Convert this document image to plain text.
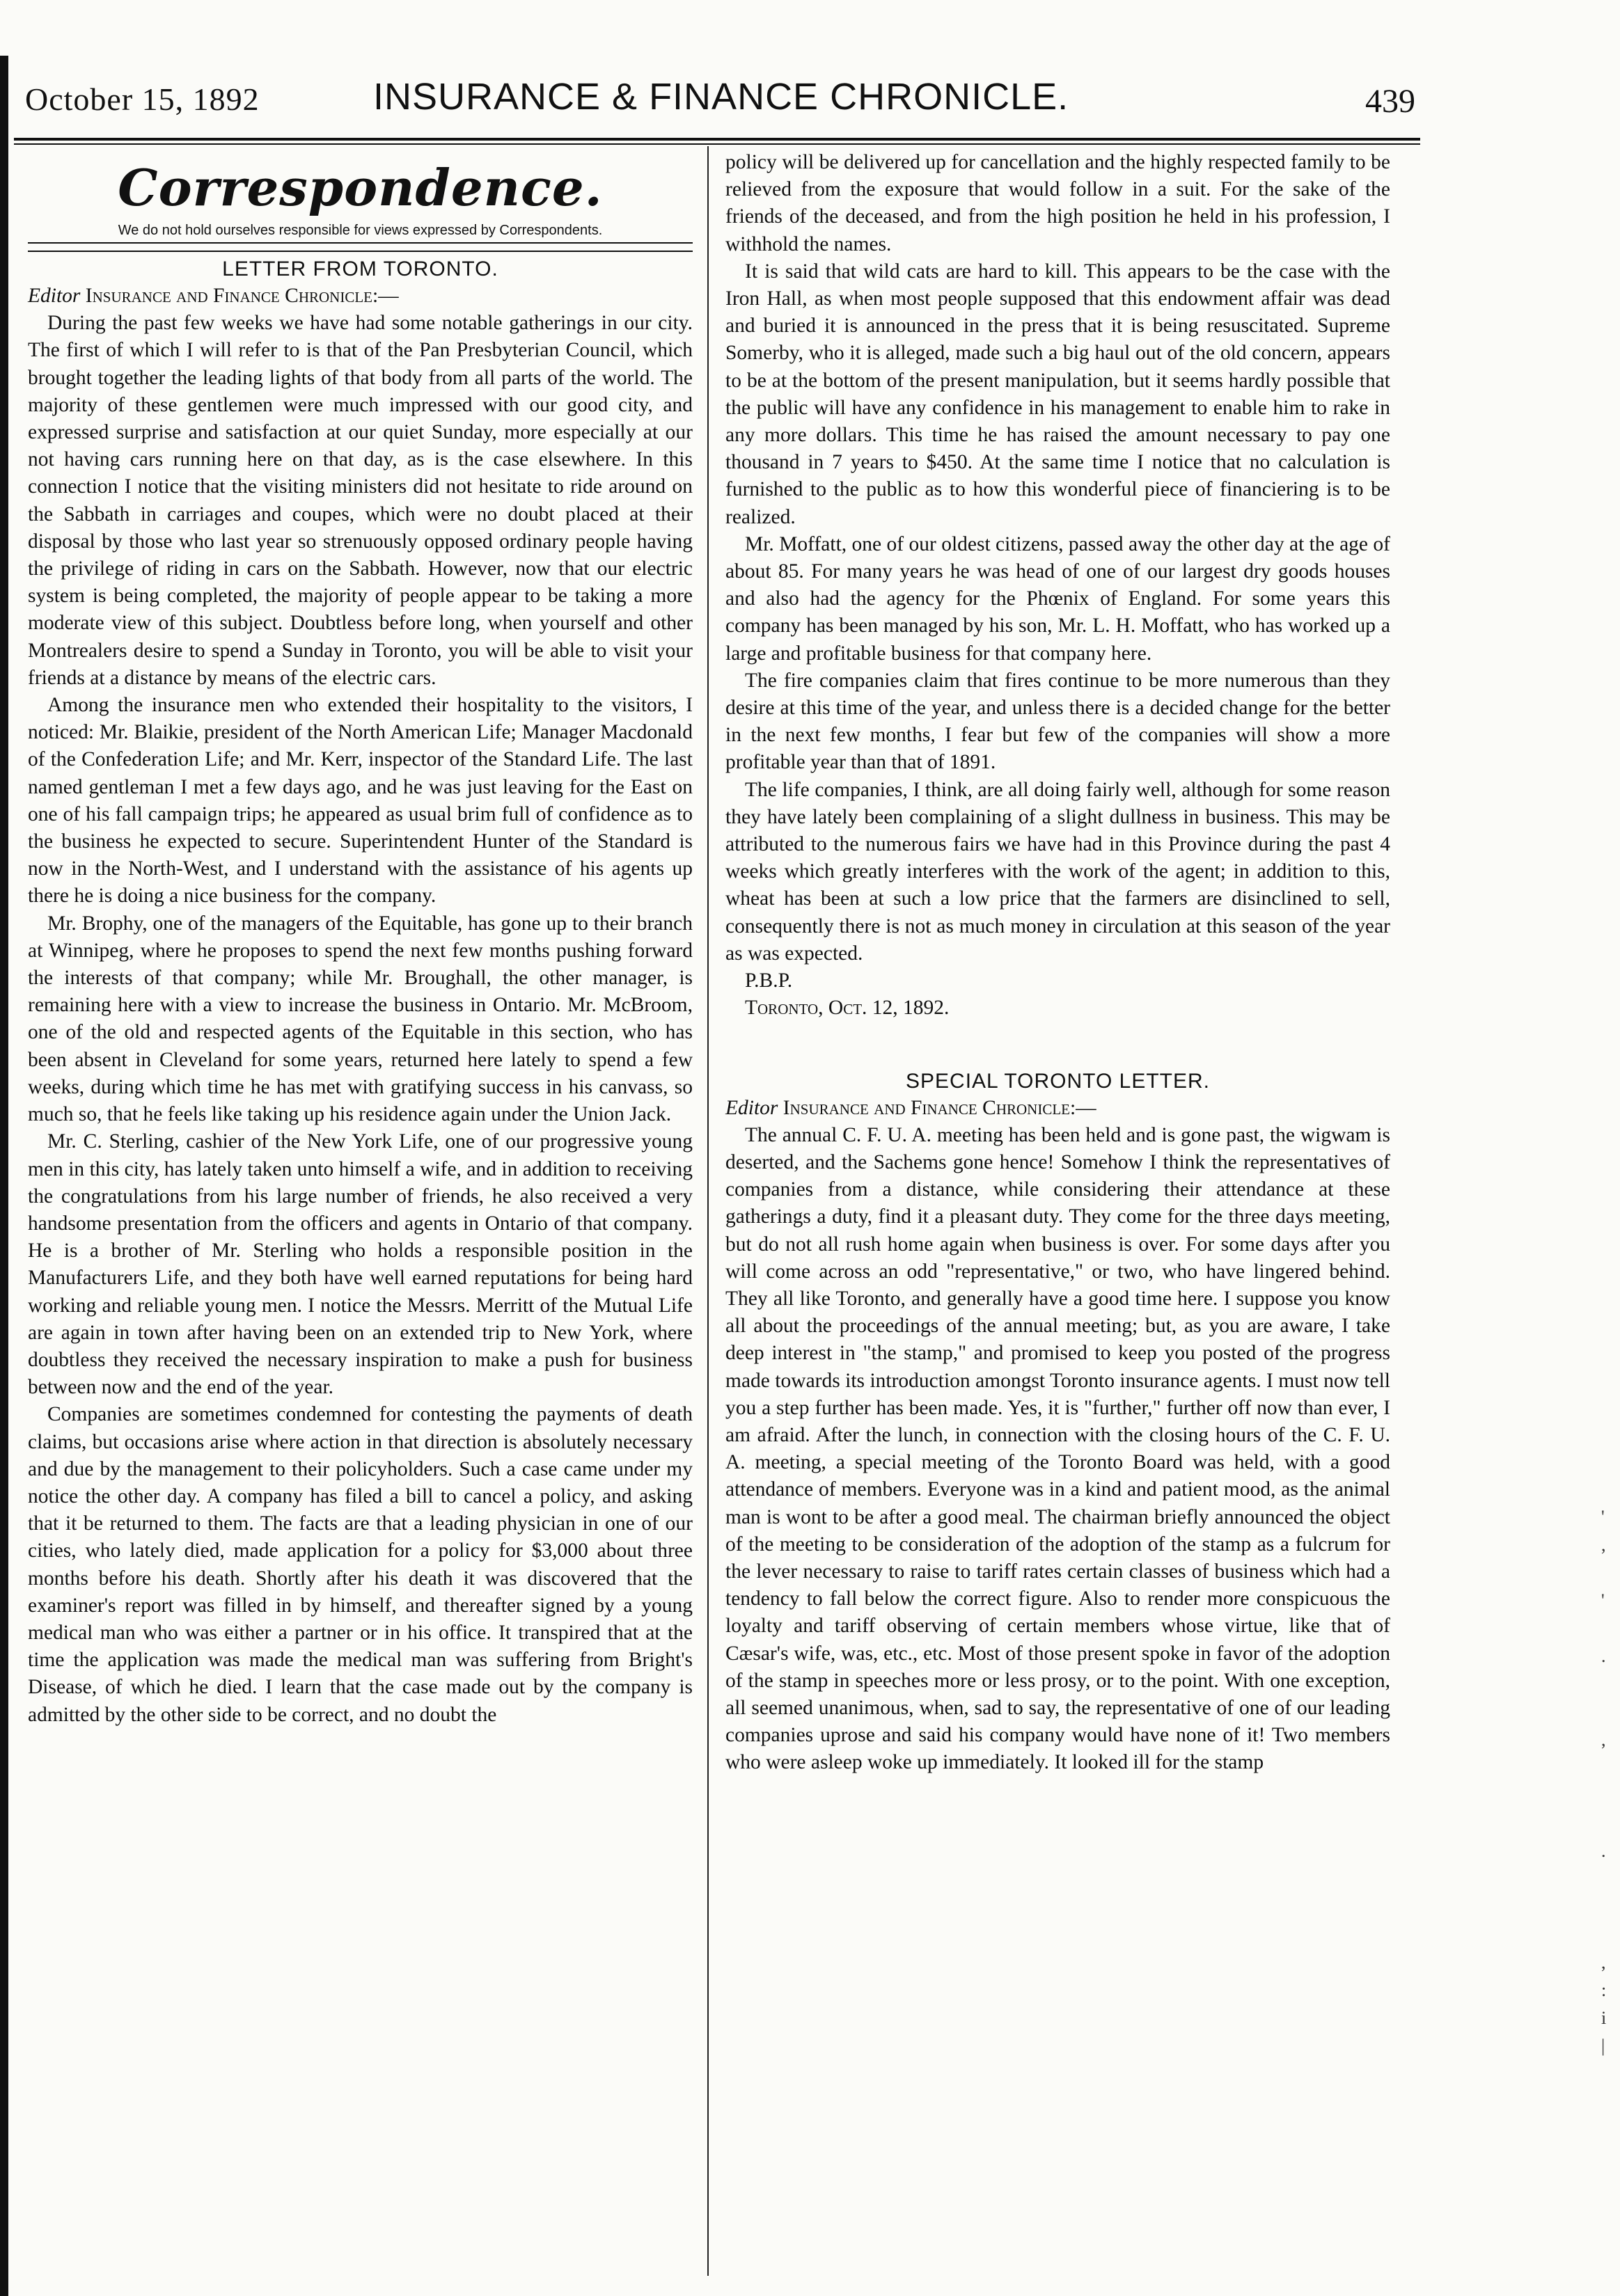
October 15, 1892	INSURANCE & FINANCE CHRONICLE.	439
Correspondence.
We do not hold ourselves responsible for views expressed by Correspondents.
LETTER FROM TORONTO.

Editor Insurance and Finance Chronicle:—

During the past few weeks we have had some notable gatherings in our city. The first of which I will refer to is that of the Pan Presbyterian Council, which brought together the leading lights of that body from all parts of the world. The majority of these gentlemen were much impressed with our good city, and expressed surprise and satisfaction at our quiet Sunday, more especially at our not having cars running here on that day, as is the case elsewhere. In this connection I notice that the visiting ministers did not hesitate to ride around on the Sabbath in carriages and coupes, which were no doubt placed at their disposal by those who last year so strenuously opposed ordinary people having the privilege of riding in cars on the Sabbath. However, now that our electric system is being completed, the majority of people appear to be taking a more moderate view of this subject. Doubtless before long, when yourself and other Montrealers desire to spend a Sunday in Toronto, you will be able to visit your friends at a distance by means of the electric cars.

Among the insurance men who extended their hospitality to the visitors, I noticed: Mr. Blaikie, president of the North American Life; Manager Macdonald of the Confederation Life; and Mr. Kerr, inspector of the Standard Life. The last named gentleman I met a few days ago, and he was just leaving for the East on one of his fall campaign trips; he appeared as usual brim full of confidence as to the business he expected to secure. Superintendent Hunter of the Standard is now in the North-West, and I understand with the assistance of his agents up there he is doing a nice business for the company.

Mr. Brophy, one of the managers of the Equitable, has gone up to their branch at Winnipeg, where he proposes to spend the next few months pushing forward the interests of that company; while Mr. Broughall, the other manager, is remaining here with a view to increase the business in Ontario. Mr. McBroom, one of the old and respected agents of the Equitable in this section, who has been absent in Cleveland for some years, returned here lately to spend a few weeks, during which time he has met with gratifying success in his canvass, so much so, that he feels like taking up his residence again under the Union Jack.

Mr. C. Sterling, cashier of the New York Life, one of our progressive young men in this city, has lately taken unto himself a wife, and in addition to receiving the congratulations from his large number of friends, he also received a very handsome presentation from the officers and agents in Ontario of that company. He is a brother of Mr. Sterling who holds a responsible position in the Manufacturers Life, and they both have well earned reputations for being hard working and reliable young men. I notice the Messrs. Merritt of the Mutual Life are again in town after having been on an extended trip to New York, where doubtless they received the necessary inspiration to make a push for business between now and the end of the year.

Companies are sometimes condemned for contesting the payments of death claims, but occasions arise where action in that direction is absolutely necessary and due by the management to their policyholders. Such a case came under my notice the other day. A company has filed a bill to cancel a policy, and asking that it be returned to them. The facts are that a leading physician in one of our cities, who lately died, made application for a policy for $3,000 about three months before his death. Shortly after his death it was discovered that the examiner's report was filled in by himself, and thereafter signed by a young medical man who was either a partner or in his office. It transpired that at the time the application was made the medical man was suffering from Bright's Disease, of which he died. I learn that the case made out by the company is admitted by the other side to be correct, and no doubt the

policy will be delivered up for cancellation and the highly respected family to be relieved from the exposure that would follow in a suit. For the sake of the friends of the deceased, and from the high position he held in his profession, I withhold the names.

It is said that wild cats are hard to kill. This appears to be the case with the Iron Hall, as when most people supposed that this endowment affair was dead and buried it is announced in the press that it is being resuscitated. Supreme Somerby, who it is alleged, made such a big haul out of the old concern, appears to be at the bottom of the present manipulation, but it seems hardly possible that the public will have any confidence in his management to enable him to rake in any more dollars. This time he has raised the amount necessary to pay one thousand in 7 years to $450. At the same time I notice that no calculation is furnished to the public as to how this wonderful piece of financiering is to be realized.

Mr. Moffatt, one of our oldest citizens, passed away the other day at the age of about 85. For many years he was head of one of our largest dry goods houses and also had the agency for the Phœnix of England. For some years this company has been managed by his son, Mr. L. H. Moffatt, who has worked up a large and profitable business for that company here.

The fire companies claim that fires continue to be more numerous than they desire at this time of the year, and unless there is a decided change for the better in the next few months, I fear but few of the companies will show a more profitable year than that of 1891.

The life companies, I think, are all doing fairly well, although for some reason they have lately been complaining of a slight dullness in business. This may be attributed to the numerous fairs we have had in this Province during the past 4 weeks which greatly interferes with the work of the agent; in addition to this, wheat has been at such a low price that the farmers are disinclined to sell, consequently there is not as much money in circulation at this season of the year as was expected.

P.B.P.

Toronto, Oct. 12, 1892.

SPECIAL TORONTO LETTER.

Editor Insurance and Finance Chronicle:—

The annual C. F. U. A. meeting has been held and is gone past, the wigwam is deserted, and the Sachems gone hence! Somehow I think the representatives of companies from a distance, while considering their attendance at these gatherings a duty, find it a pleasant duty. They come for the three days meeting, but do not all rush home again when business is over. For some days after you will come across an odd "representative," or two, who have lingered behind. They all like Toronto, and generally have a good time here. I suppose you know all about the proceedings of the annual meeting; but, as you are aware, I take deep interest in "the stamp," and promised to keep you posted of the progress made towards its introduction amongst Toronto insurance agents. I must now tell you a step further has been made. Yes, it is "further," further off now than ever, I am afraid. After the lunch, in connection with the closing hours of the C. F. U. A. meeting, a special meeting of the Toronto Board was held, with a good attendance of members. Everyone was in a kind and patient mood, as the animal man is wont to be after a good meal. The chairman briefly announced the object of the meeting to be consideration of the adoption of the stamp as a fulcrum for the lever necessary to raise to tariff rates certain classes of business which had a tendency to fall below the correct figure. Also to render more conspicuous the loyalty and tariff observing of certain members whose virtue, like that of Cæsar's wife, was, etc., etc. Most of those present spoke in favor of the adoption of the stamp in speeches more or less prosy, or to the point. With one exception, all seemed unanimous, when, sad to say, the representative of one of our leading companies uprose and said his company would have none of it! Two members who were asleep woke up immediately. It looked ill for the stamp

'
,

'

.

,

.

,
:
i
|
